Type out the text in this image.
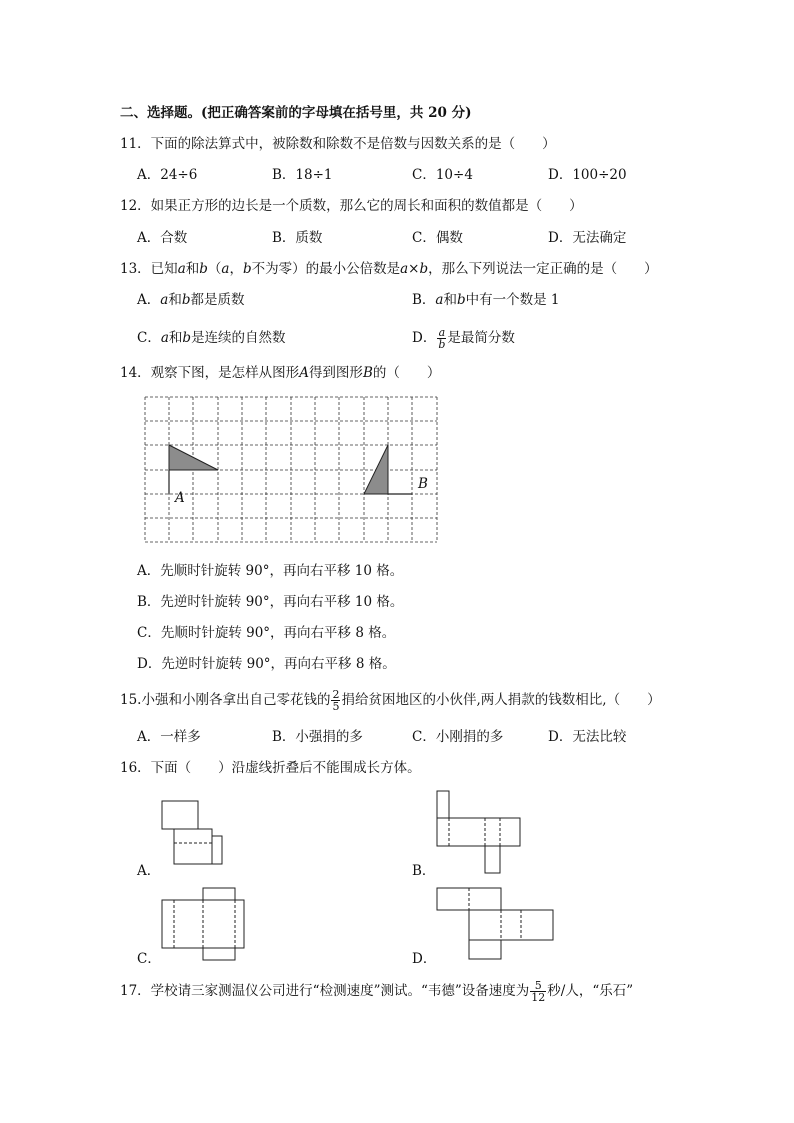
二、选择题。(把正确答案前的字母填在括号里，共 20 分)
11．下面的除法算式中，被除数和除数不是倍数与因数关系的是（　　）
A．24÷6	B．18÷1	C．10÷4	D．100÷20
12．如果正方形的边长是一个质数，那么它的周长和面积的数值都是（　　）
A．合数	B．质数	C．偶数	D．无法确定
13．已知a和b（a，b不为零）的最小公倍数是a×b，那么下列说法一定正确的是（　　）
A．a和b都是质数	B．a和b中有一个数是 1
C．a和b是连续的自然数	D． $\frac{a}{b}$ 是最简分数
14．观察下图，是怎样从图形A得到图形B的（　　）
A
B
A．先顺时针旋转 90°，再向右平移 10 格。
B．先逆时针旋转 90°，再向右平移 10 格。
C．先顺时针旋转 90°，再向右平移 8 格。
D．先逆时针旋转 90°，再向右平移 8 格。
15.小强和小刚各拿出自己零花钱的 $\frac{2}{5}$ 捐给贫困地区的小伙伴,两人捐款的钱数相比,（　　）
A．一样多	B．小强捐的多	C．小刚捐的多	D．无法比较
16．下面（　　）沿虚线折叠后不能围成长方体。
A．	B．
C．	D．
17．学校请三家测温仪公司进行“检测速度”测试。“韦德”设备速度为 $\frac{5}{12}$ 秒/人，“乐石”
